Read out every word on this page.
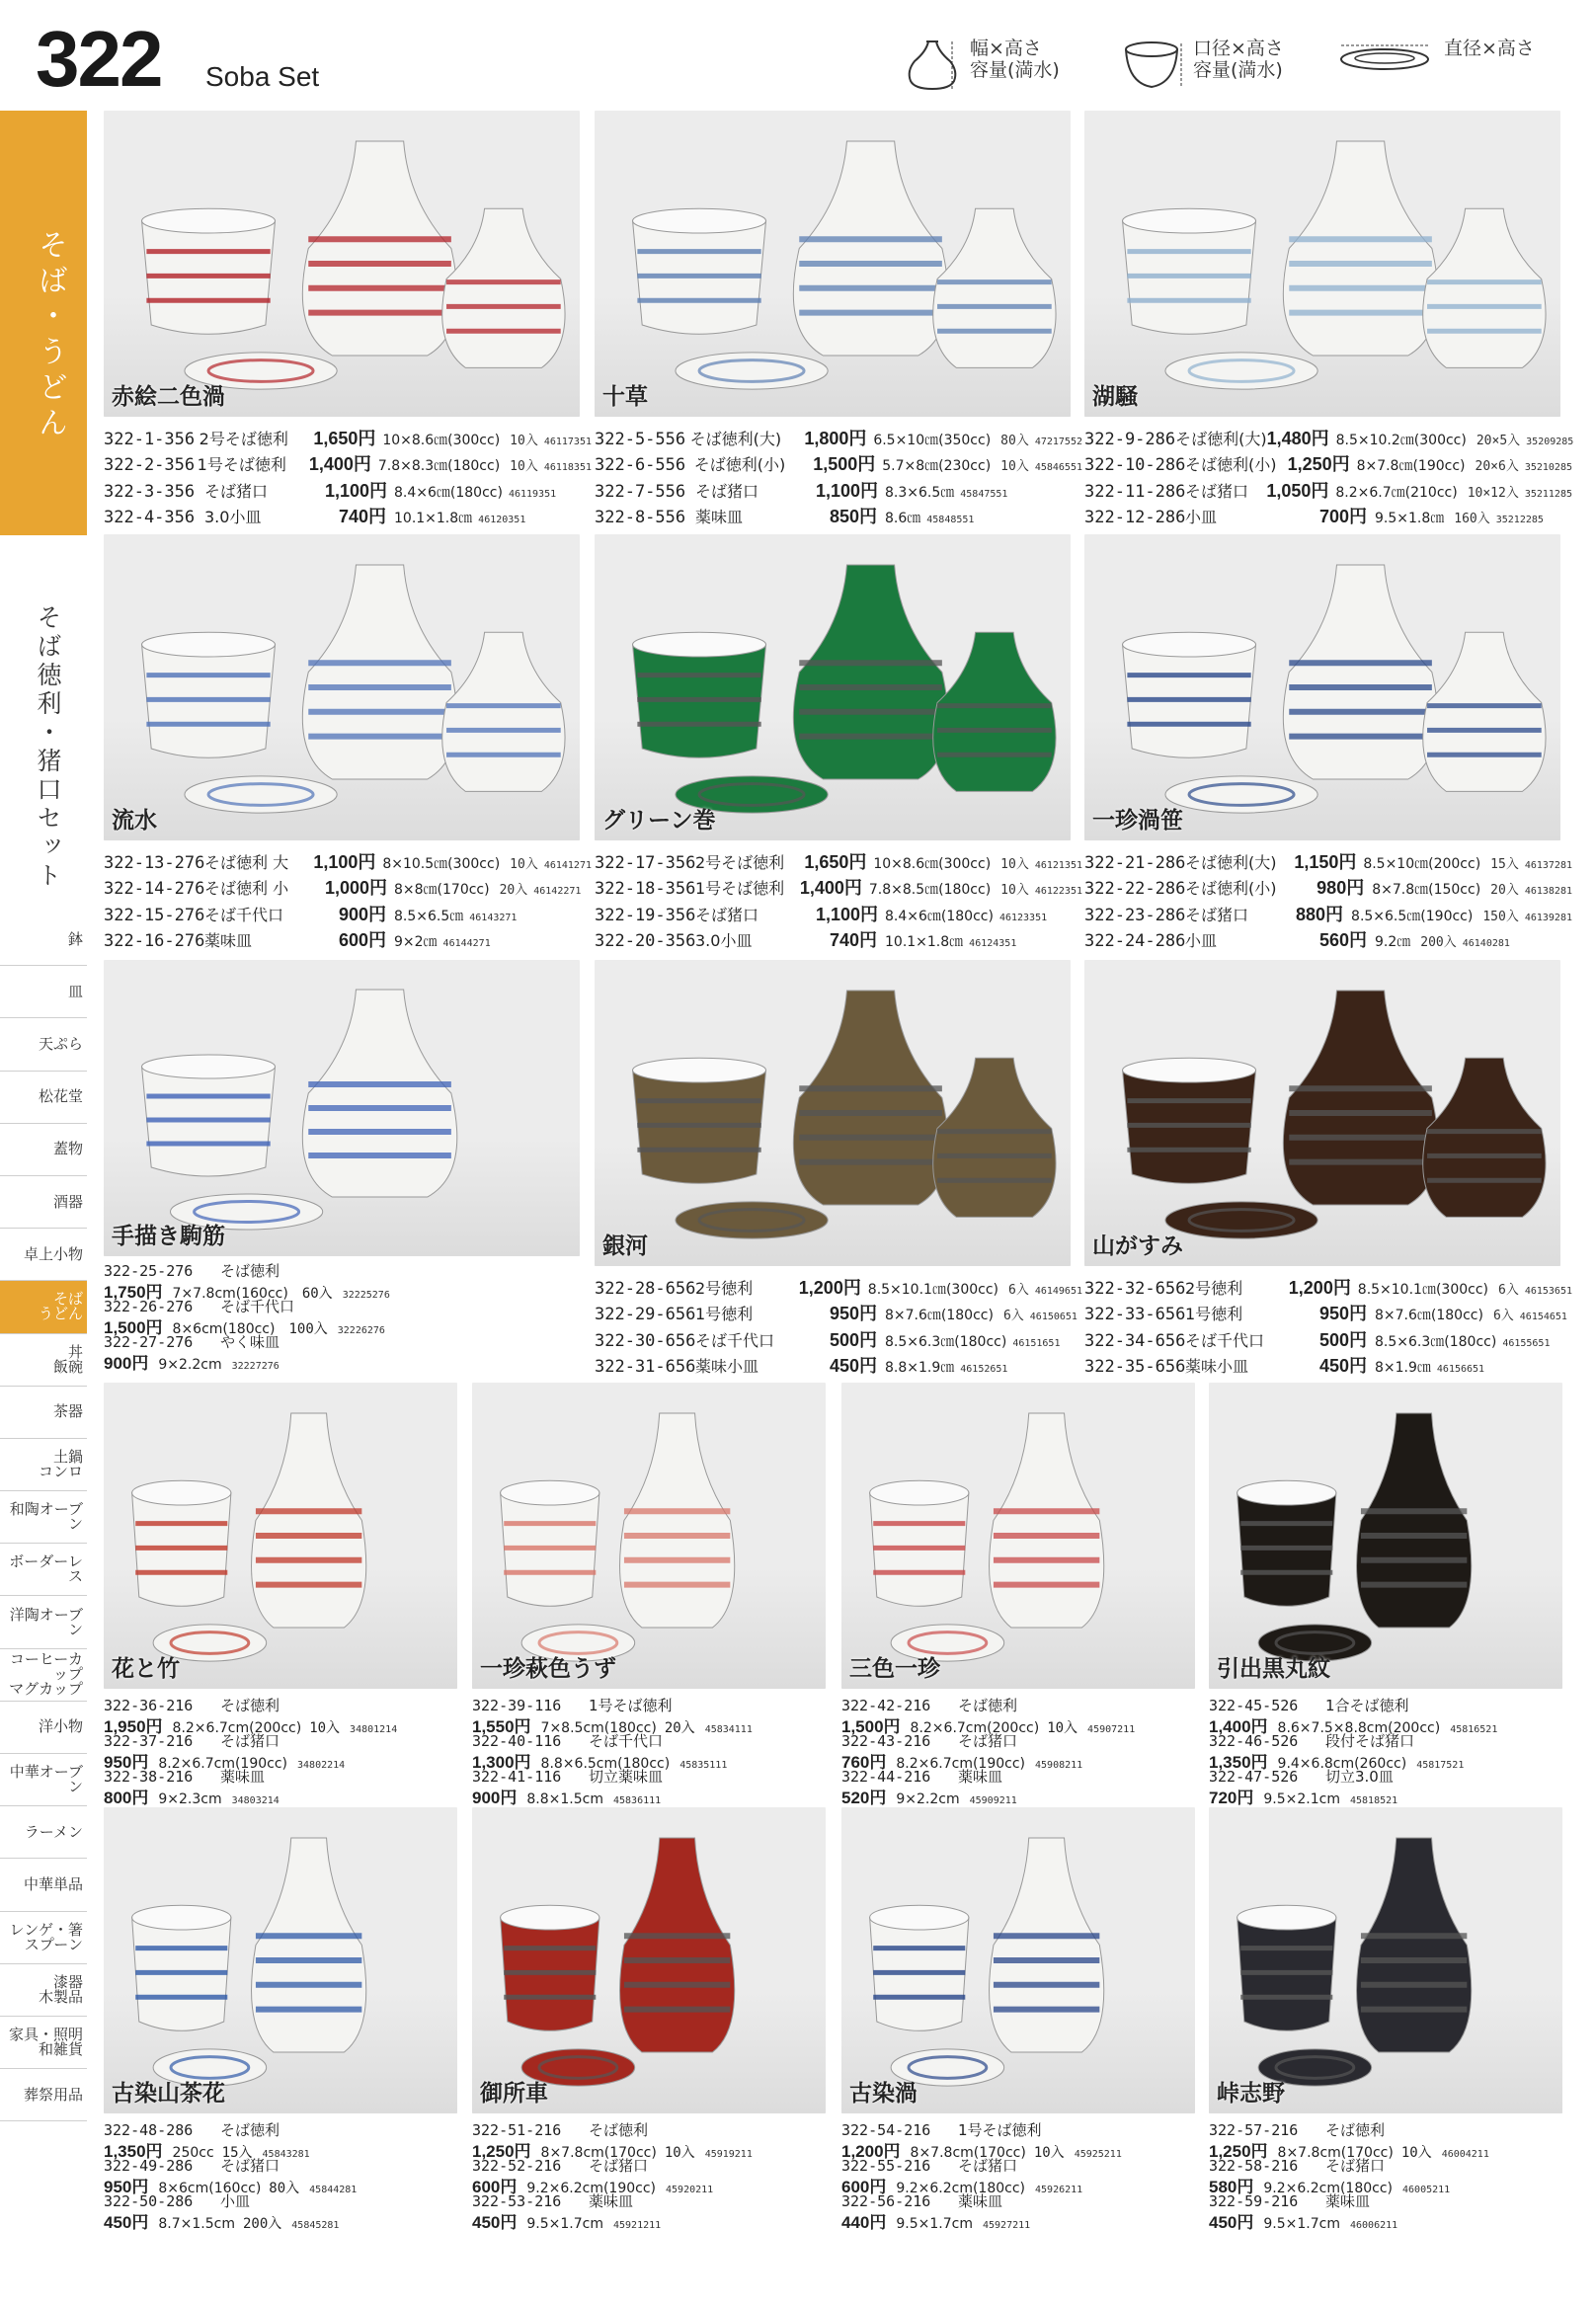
322 Soba Set
幅×高さ
容量(満水)
口径×高さ
容量(満水)
直径×高さ
そば・うどん
そば徳利・猪口セット
鉢
皿
天ぷら
松花堂
蓋物
酒器
卓上小物
そば
うどん
丼
飯碗
茶器
土鍋
コンロ
和陶オーブン
ボーダーレス
洋陶オーブン
コーヒーカップ
マグカップ
洋小物
中華オーブン
ラーメン
中華単品
レンゲ・箸
スプーン
漆器
木製品
家具・照明
和雑貨
葬祭用品
赤絵二色渦
322-1-356 2号そば徳利	1,650円 10×8.6㎝(300cc) 10入 46117351
322-2-356 1号そば徳利	1,400円 7.8×8.3㎝(180cc) 10入 46118351
322-3-356 そば猪口	1,100円 8.4×6㎝(180cc) 46119351
322-4-356 3.0小皿	740円 10.1×1.8㎝ 46120351
十草
322-5-556 そば徳利(大)	1,800円 6.5×10㎝(350cc) 80入 47217552
322-6-556 そば徳利(小)	1,500円 5.7×8㎝(230cc) 10入 45846551
322-7-556 そば猪口	1,100円 8.3×6.5㎝ 45847551
322-8-556 薬味皿	850円 8.6㎝ 45848551
湖騒
322-9-286 そば徳利(大) 1,480円 8.5×10.2㎝(300cc) 20×5入 35209285
322-10-286 そば徳利(小) 1,250円 8×7.8㎝(190cc) 20×6入 35210285
322-11-286 そば猪口	1,050円 8.2×6.7㎝(210cc) 10×12入 35211285
322-12-286 小皿	700円 9.5×1.8㎝ 160入 35212285
流水
322-13-276 そば徳利 大	1,100円 8×10.5㎝(300cc) 10入 46141271
322-14-276 そば徳利 小	1,000円 8×8㎝(170cc) 20入 46142271
322-15-276 そば千代口	900円 8.5×6.5㎝ 46143271
322-16-276 薬味皿	600円 9×2㎝ 46144271
グリーン巻
322-17-356 2号そば徳利	1,650円 10×8.6㎝(300cc) 10入 46121351
322-18-356 1号そば徳利 1,400円 7.8×8.5㎝(180cc) 10入 46122351
322-19-356 そば猪口	1,100円 8.4×6㎝(180cc) 46123351
322-20-356 3.0小皿	740円 10.1×1.8㎝ 46124351
一珍渦笹
322-21-286 そば徳利(大) 1,150円 8.5×10㎝(200cc) 15入 46137281
322-22-286 そば徳利(小)	980円 8×7.8㎝(150cc) 20入 46138281
322-23-286 そば猪口	880円 8.5×6.5㎝(190cc) 150入 46139281
322-24-286 小皿	560円 9.2㎝ 200入 46140281
銀河
322-28-656 2号徳利	1,200円 8.5×10.1㎝(300cc) 6入 46149651
322-29-656 1号徳利	950円 8×7.6㎝(180cc) 6入 46150651
322-30-656 そば千代口	500円 8.5×6.3㎝(180cc) 46151651
322-31-656 薬味小皿	450円 8.8×1.9㎝ 46152651
山がすみ
322-32-656 2号徳利	1,200円 8.5×10.1㎝(300cc) 6入 46153651
322-33-656 1号徳利	950円 8×7.6㎝(180cc) 6入 46154651
322-34-656 そば千代口	500円 8.5×6.3㎝(180cc) 46155651
322-35-656 薬味小皿	450円 8×1.9㎝ 46156651
手描き駒筋
322-25-276	そば徳利
1,750円 7×7.8cm(160cc) 60入 32225276
322-26-276	そば千代口
1,500円 8×6cm(180cc) 100入 32226276
322-27-276	やく味皿
900円 9×2.2cm 32227276
花と竹
322-36-216	そば徳利
1,950円 8.2×6.7cm(200cc) 10入 34801214
322-37-216	そば猪口
950円 8.2×6.7cm(190cc) 34802214
322-38-216	薬味皿
800円 9×2.3cm 34803214
一珍萩色うず
322-39-116	1号そば徳利
1,550円 7×8.5cm(180cc) 20入 45834111
322-40-116	そば千代口
1,300円 8.8×6.5cm(180cc) 45835111
322-41-116	切立薬味皿
900円 8.8×1.5cm 45836111
三色一珍
322-42-216	そば徳利
1,500円 8.2×6.7cm(200cc) 10入 45907211
322-43-216	そば猪口
760円 8.2×6.7cm(190cc) 45908211
322-44-216	薬味皿
520円 9×2.2cm 45909211
引出黒丸紋
322-45-526	1合そば徳利
1,400円 8.6×7.5×8.8cm(200cc) 45816521
322-46-526	段付そば猪口
1,350円 9.4×6.8cm(260cc) 45817521
322-47-526	切立3.0皿
720円 9.5×2.1cm 45818521
古染山茶花
322-48-286	そば徳利
1,350円 250cc 15入 45843281
322-49-286	そば猪口
950円 8×6cm(160cc) 80入 45844281
322-50-286	小皿
450円 8.7×1.5cm 200入 45845281
御所車
322-51-216	そば徳利
1,250円 8×7.8cm(170cc) 10入 45919211
322-52-216	そば猪口
600円 9.2×6.2cm(190cc) 45920211
322-53-216	薬味皿
450円 9.5×1.7cm 45921211
古染渦
322-54-216	1号そば徳利
1,200円 8×7.8cm(170cc) 10入 45925211
322-55-216	そば猪口
600円 9.2×6.2cm(180cc) 45926211
322-56-216	薬味皿
440円 9.5×1.7cm 45927211
峠志野
322-57-216	そば徳利
1,250円 8×7.8cm(170cc) 10入 46004211
322-58-216	そば猪口
580円 9.2×6.2cm(180cc) 46005211
322-59-216	薬味皿
450円 9.5×1.7cm 46006211
